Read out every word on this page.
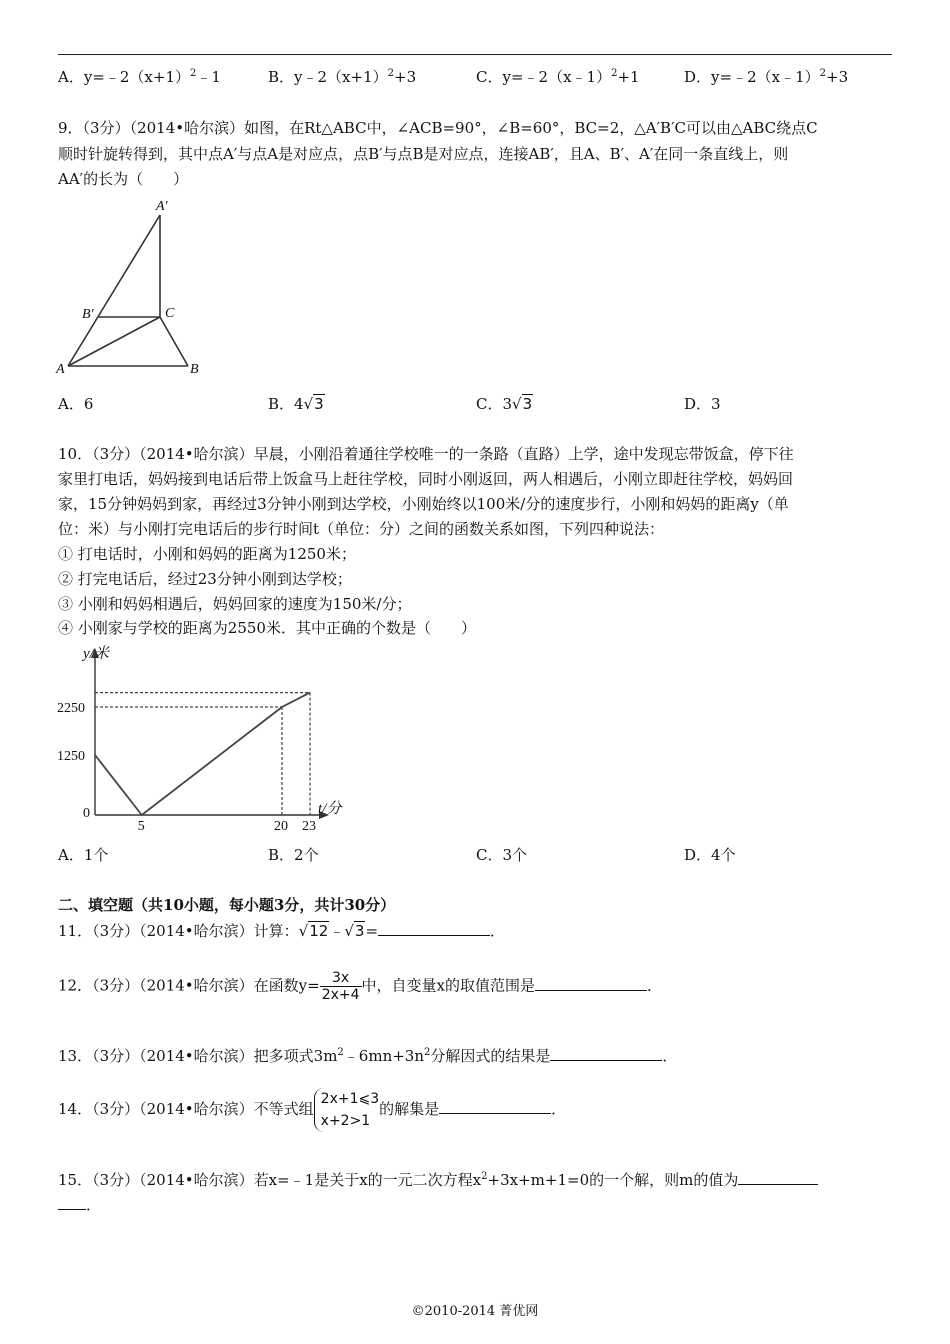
A．$y=﹣2(x+1)^2﹣1$	B．$y﹣2(x+1)^2+3$	C．y=﹣2（x﹣1）$^2$+1	D．y=﹣2（x﹣1）$^2$+3
9．（3分）（2014•哈尔滨）如图，在Rt△ABC中，∠ACB=90°，∠B=60°，BC=2，△A′B′C可以由△ABC绕点C
顺时针旋转得到，其中点A′与点A是对应点，点B′与点B是对应点，连接AB′，且A、B′、A′在同一条直线上，则
AA′的长为（　　）
A′
B′	C
A	B
A．6	B．4√3	C．3√3	D．3
10．（3分）（2014•哈尔滨）早晨，小刚沿着通往学校唯一的一条路（直路）上学，途中发现忘带饭盒，停下往
家里打电话，妈妈接到电话后带上饭盒马上赶往学校，同时小刚返回，两人相遇后，小刚立即赶往学校，妈妈回
家，15分钟妈妈到家，再经过3分钟小刚到达学校，小刚始终以100米/分的速度步行，小刚和妈妈的距离y（单
位：米）与小刚打完电话后的步行时间t（单位：分）之间的函数关系如图，下列四种说法：
① 打电话时，小刚和妈妈的距离为1250米；
② 打完电话后，经过23分钟小刚到达学校；
③ 小刚和妈妈相遇后，妈妈回家的速度为150米/分；
④ 小刚家与学校的距离为2550米．其中正确的个数是（　　）
y/米
t/分
0
5	20 23
1250
2250
A．1个	B．2个	C．3个	D．4个
二、填空题（共10小题，每小题3分，共计30分）
11．（3分）（2014•哈尔滨）计算：√12﹣√3=	．
12．（3分）（2014•哈尔滨）在函数$y= \frac{3x}{2x+4}$ 中，自变量x的取值范围是	．
13．（3分）（2014•哈尔滨）把多项式$3m^2﹣6mn+3n^2$分解因式的结果是	．
14．（3分）（2014•哈尔滨）不等式组
2x+1⩽3
x+2>1
的解集是	．
15．（3分）（2014•哈尔滨）若x=﹣1是关于x的一元二次方程$x^2+3x+m+1=0$的一个解，则m的值为
．
©2010-2014 菁优网
